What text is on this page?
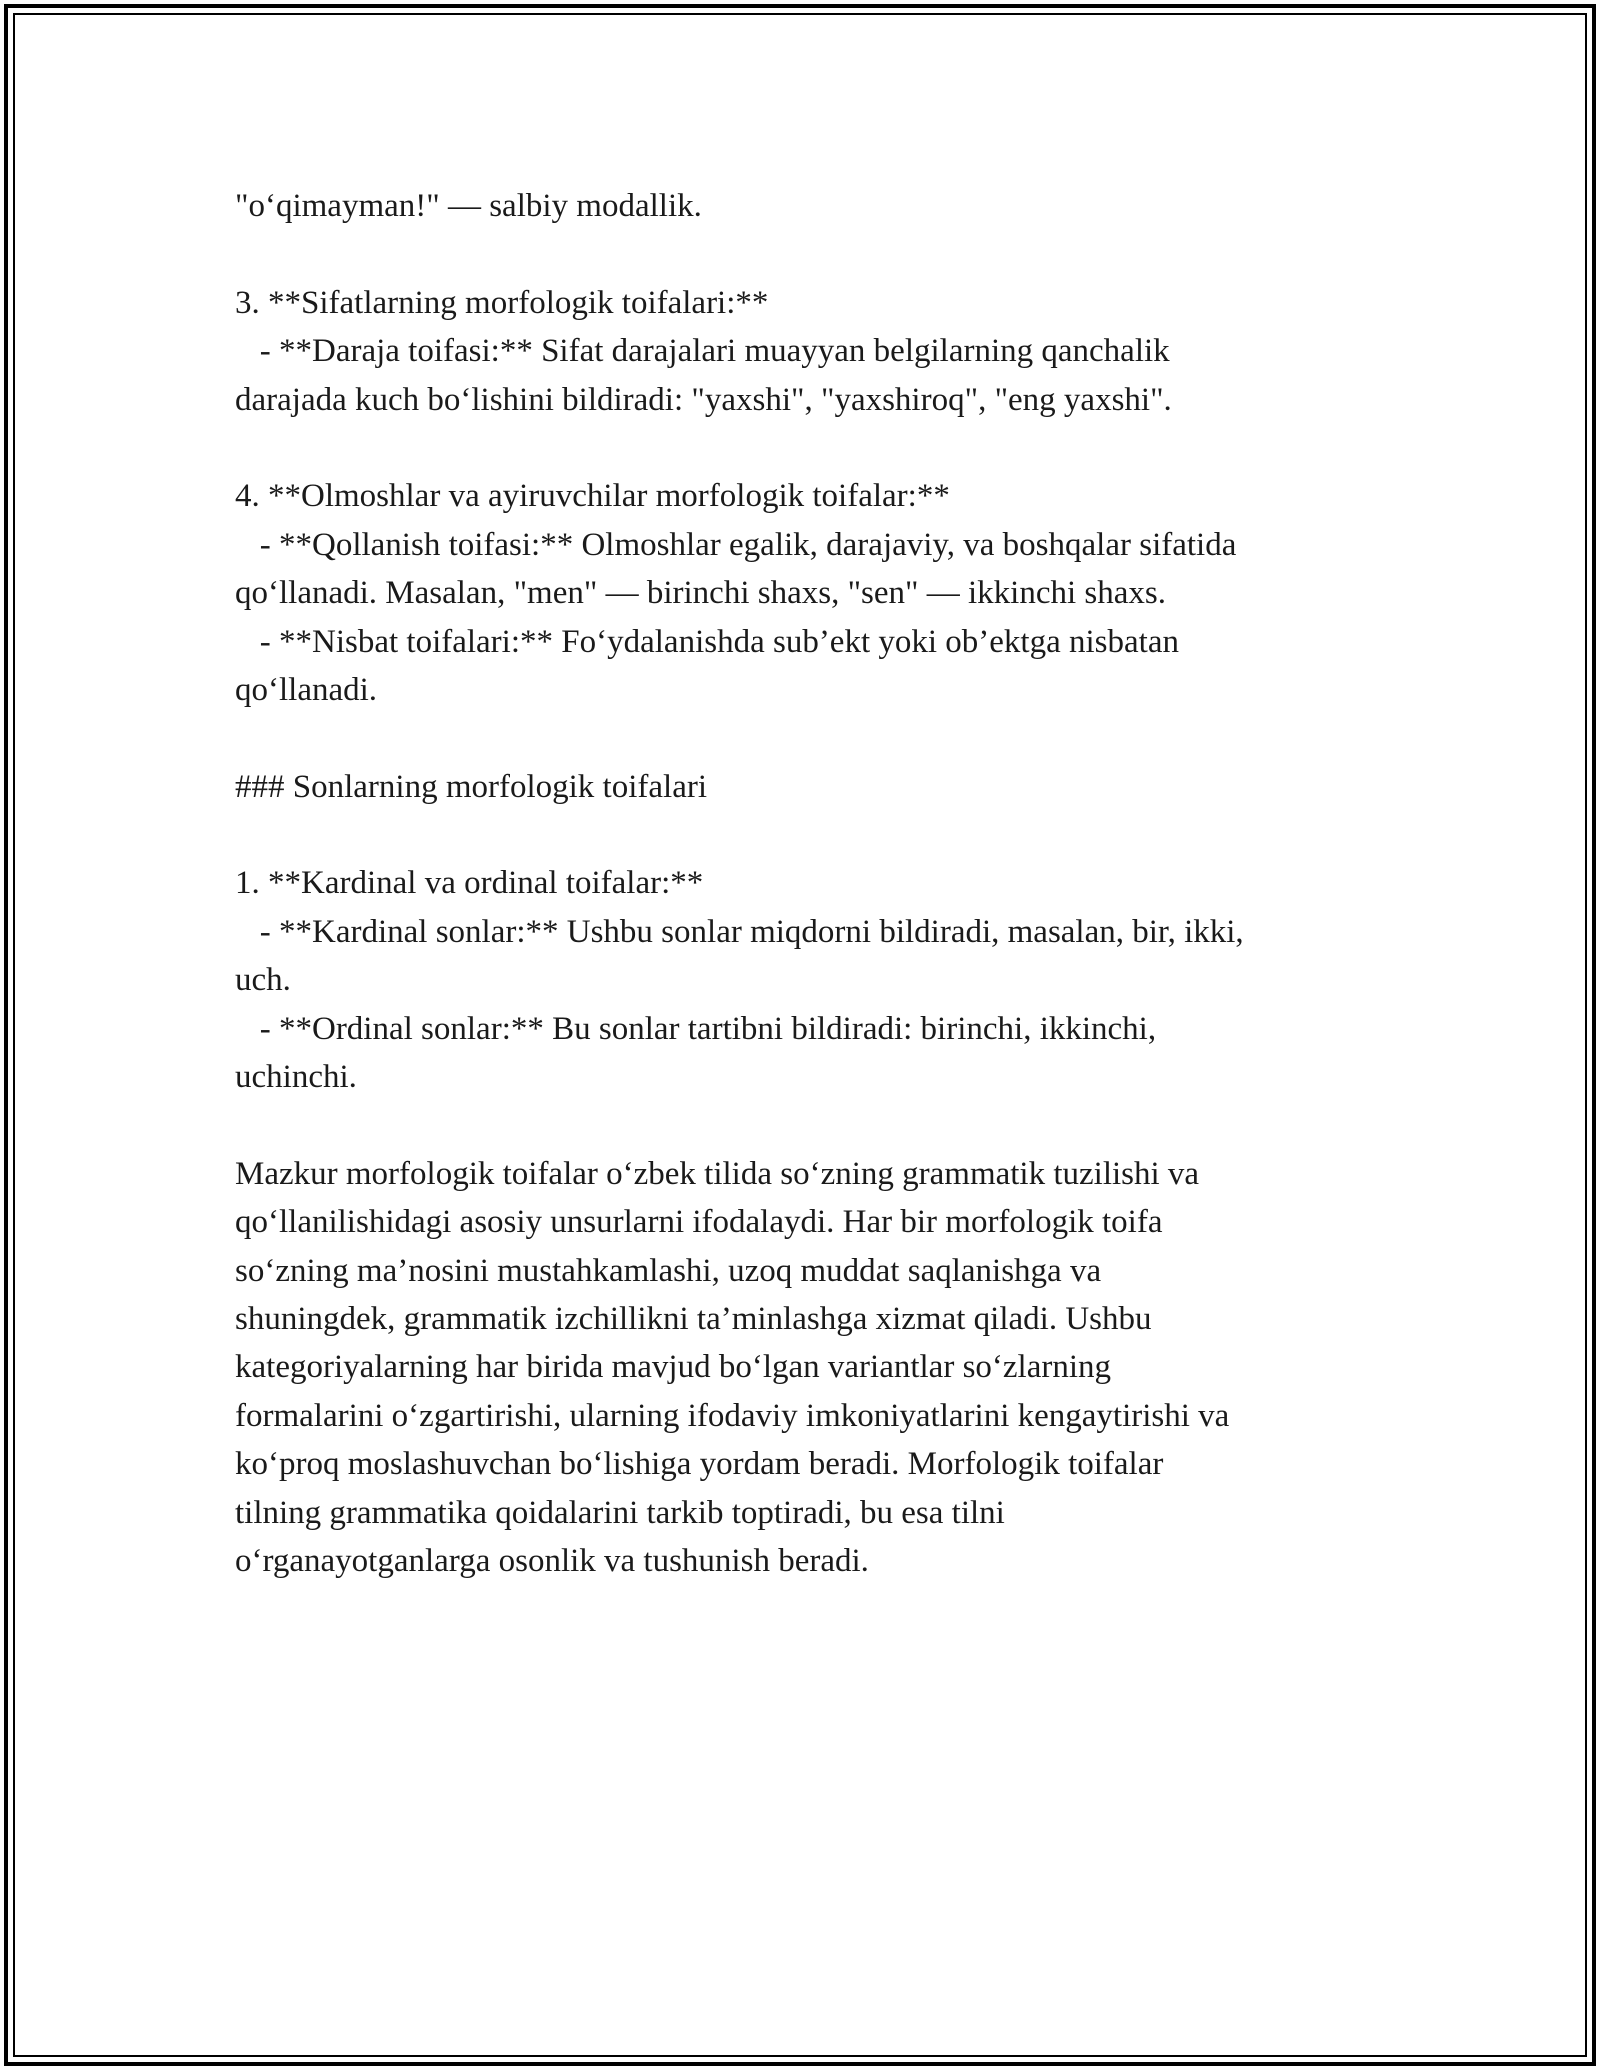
"o‘qimayman!" — salbiy modallik.
3. **Sifatlarning morfologik toifalari:**
- **Daraja toifasi:** Sifat darajalari muayyan belgilarning qanchalik
darajada kuch bo‘lishini bildiradi: "yaxshi", "yaxshiroq", "eng yaxshi".
4. **Olmoshlar va ayiruvchilar morfologik toifalar:**
- **Qollanish toifasi:** Olmoshlar egalik, darajaviy, va boshqalar sifatida
qo‘llanadi. Masalan, "men" — birinchi shaxs, "sen" — ikkinchi shaxs.
- **Nisbat toifalari:** Fo‘ydalanishda sub’ekt yoki ob’ektga nisbatan
qo‘llanadi.
### Sonlarning morfologik toifalari
1. **Kardinal va ordinal toifalar:**
- **Kardinal sonlar:** Ushbu sonlar miqdorni bildiradi, masalan, bir, ikki,
uch.
- **Ordinal sonlar:** Bu sonlar tartibni bildiradi: birinchi, ikkinchi,
uchinchi.
Mazkur morfologik toifalar o‘zbek tilida so‘zning grammatik tuzilishi va
qo‘llanilishidagi asosiy unsurlarni ifodalaydi. Har bir morfologik toifa
so‘zning ma’nosini mustahkamlashi, uzoq muddat saqlanishga va
shuningdek, grammatik izchillikni ta’minlashga xizmat qiladi. Ushbu
kategoriyalarning har birida mavjud bo‘lgan variantlar so‘zlarning
formalarini o‘zgartirishi, ularning ifodaviy imkoniyatlarini kengaytirishi va
ko‘proq moslashuvchan bo‘lishiga yordam beradi. Morfologik toifalar
tilning grammatika qoidalarini tarkib toptiradi, bu esa tilni
o‘rganayotganlarga osonlik va tushunish beradi.
